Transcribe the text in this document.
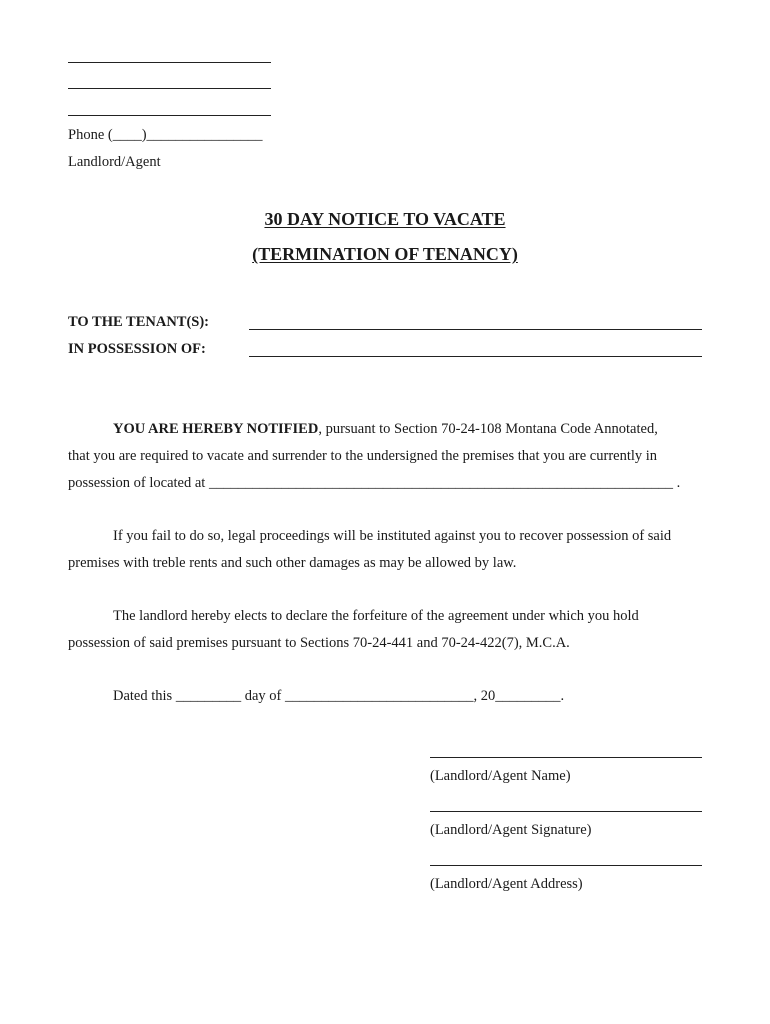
Phone (____)________________
Landlord/Agent
30 DAY NOTICE TO VACATE
(TERMINATION OF TENANCY)
TO THE TENANT(S):
IN POSSESSION OF:
YOU ARE HEREBY NOTIFIED, pursuant to Section 70-24-108 Montana Code Annotated,
that you are required to vacate and surrender to the undersigned the premises that you are currently in
possession of located at ________________________________________________________________ .
If you fail to do so, legal proceedings will be instituted against you to recover possession of said
premises with treble rents and such other damages as may be allowed by law.
The landlord hereby elects to declare the forfeiture of the agreement under which you hold
possession of said premises pursuant to Sections 70-24-441 and 70-24-422(7), M.C.A.
Dated this _________ day of __________________________, 20_________.
(Landlord/Agent Name)
(Landlord/Agent Signature)
(Landlord/Agent Address)
